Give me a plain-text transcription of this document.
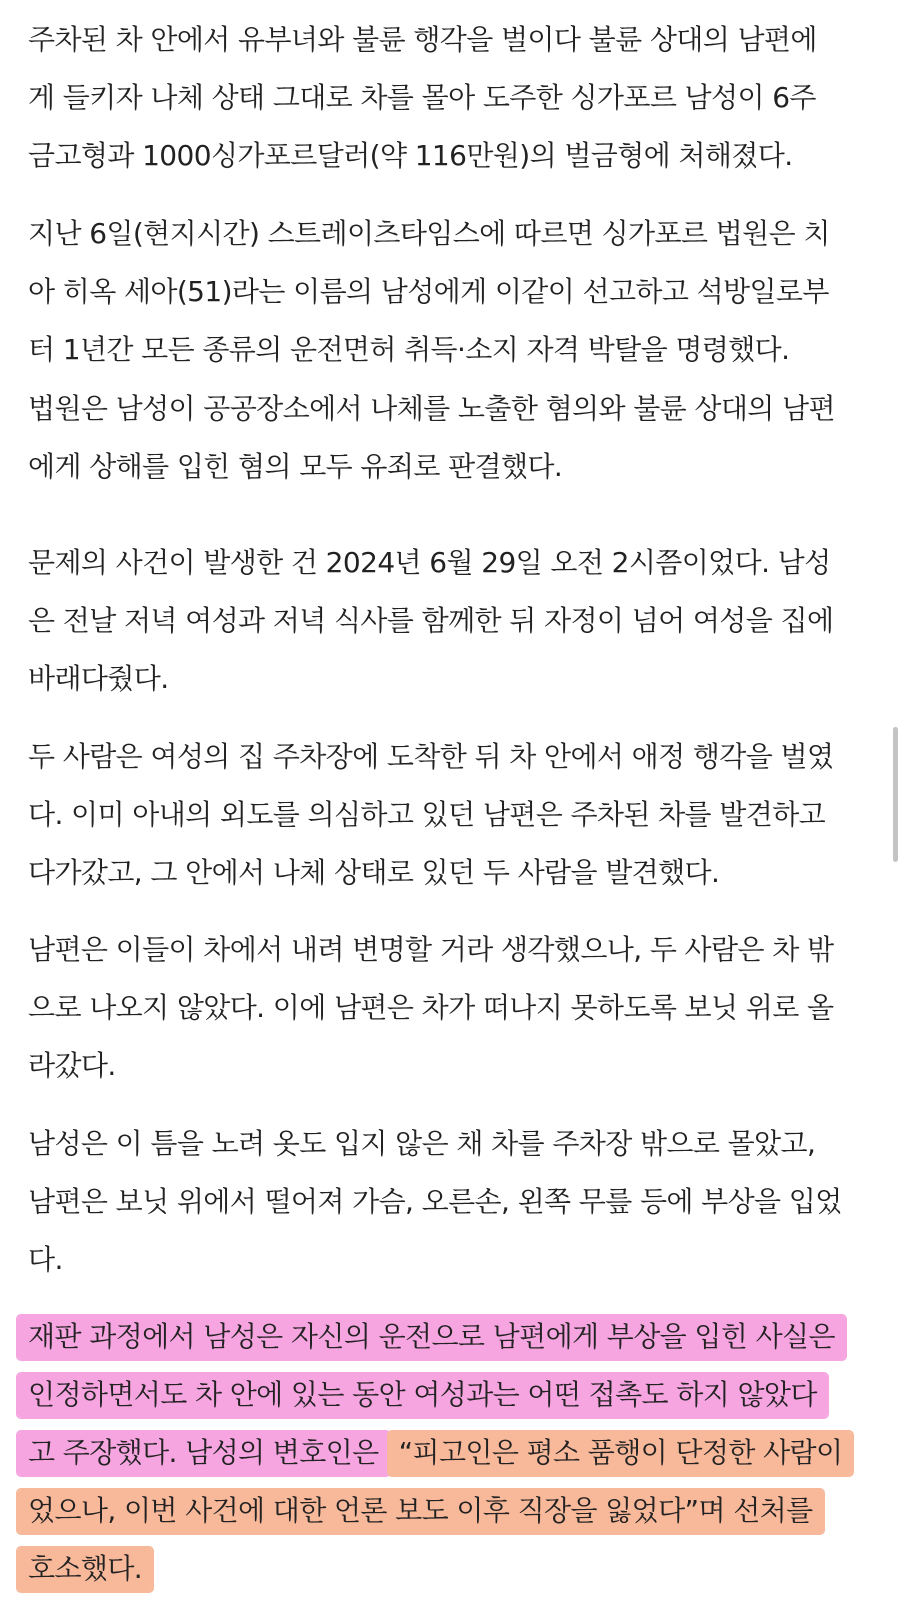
주차된 차 안에서 유부녀와 불륜 행각을 벌이다 불륜 상대의 남편에
게 들키자 나체 상태 그대로 차를 몰아 도주한 싱가포르 남성이 6주
금고형과 1000싱가포르달러(약 116만원)의 벌금형에 처해졌다.

지난 6일(현지시간) 스트레이츠타임스에 따르면 싱가포르 법원은 치
아 히옥 세아(51)라는 이름의 남성에게 이같이 선고하고 석방일로부
터 1년간 모든 종류의 운전면허 취득·소지 자격 박탈을 명령했다.

법원은 남성이 공공장소에서 나체를 노출한 혐의와 불륜 상대의 남편
에게 상해를 입힌 혐의 모두 유죄로 판결했다.

문제의 사건이 발생한 건 2024년 6월 29일 오전 2시쯤이었다. 남성
은 전날 저녁 여성과 저녁 식사를 함께한 뒤 자정이 넘어 여성을 집에
바래다줬다.

두 사람은 여성의 집 주차장에 도착한 뒤 차 안에서 애정 행각을 벌였
다. 이미 아내의 외도를 의심하고 있던 남편은 주차된 차를 발견하고
다가갔고, 그 안에서 나체 상태로 있던 두 사람을 발견했다.

남편은 이들이 차에서 내려 변명할 거라 생각했으나, 두 사람은 차 밖
으로 나오지 않았다. 이에 남편은 차가 떠나지 못하도록 보닛 위로 올
라갔다.

남성은 이 틈을 노려 옷도 입지 않은 채 차를 주차장 밖으로 몰았고,
남편은 보닛 위에서 떨어져 가슴, 오른손, 왼쪽 무릎 등에 부상을 입었
다.

재판 과정에서 남성은 자신의 운전으로 남편에게 부상을 입힌 사실은
인정하면서도 차 안에 있는 동안 여성과는 어떤 접촉도 하지 않았다
고 주장했다. 남성의 변호인은 “피고인은 평소 품행이 단정한 사람이
었으나, 이번 사건에 대한 언론 보도 이후 직장을 잃었다”며 선처를
호소했다.
